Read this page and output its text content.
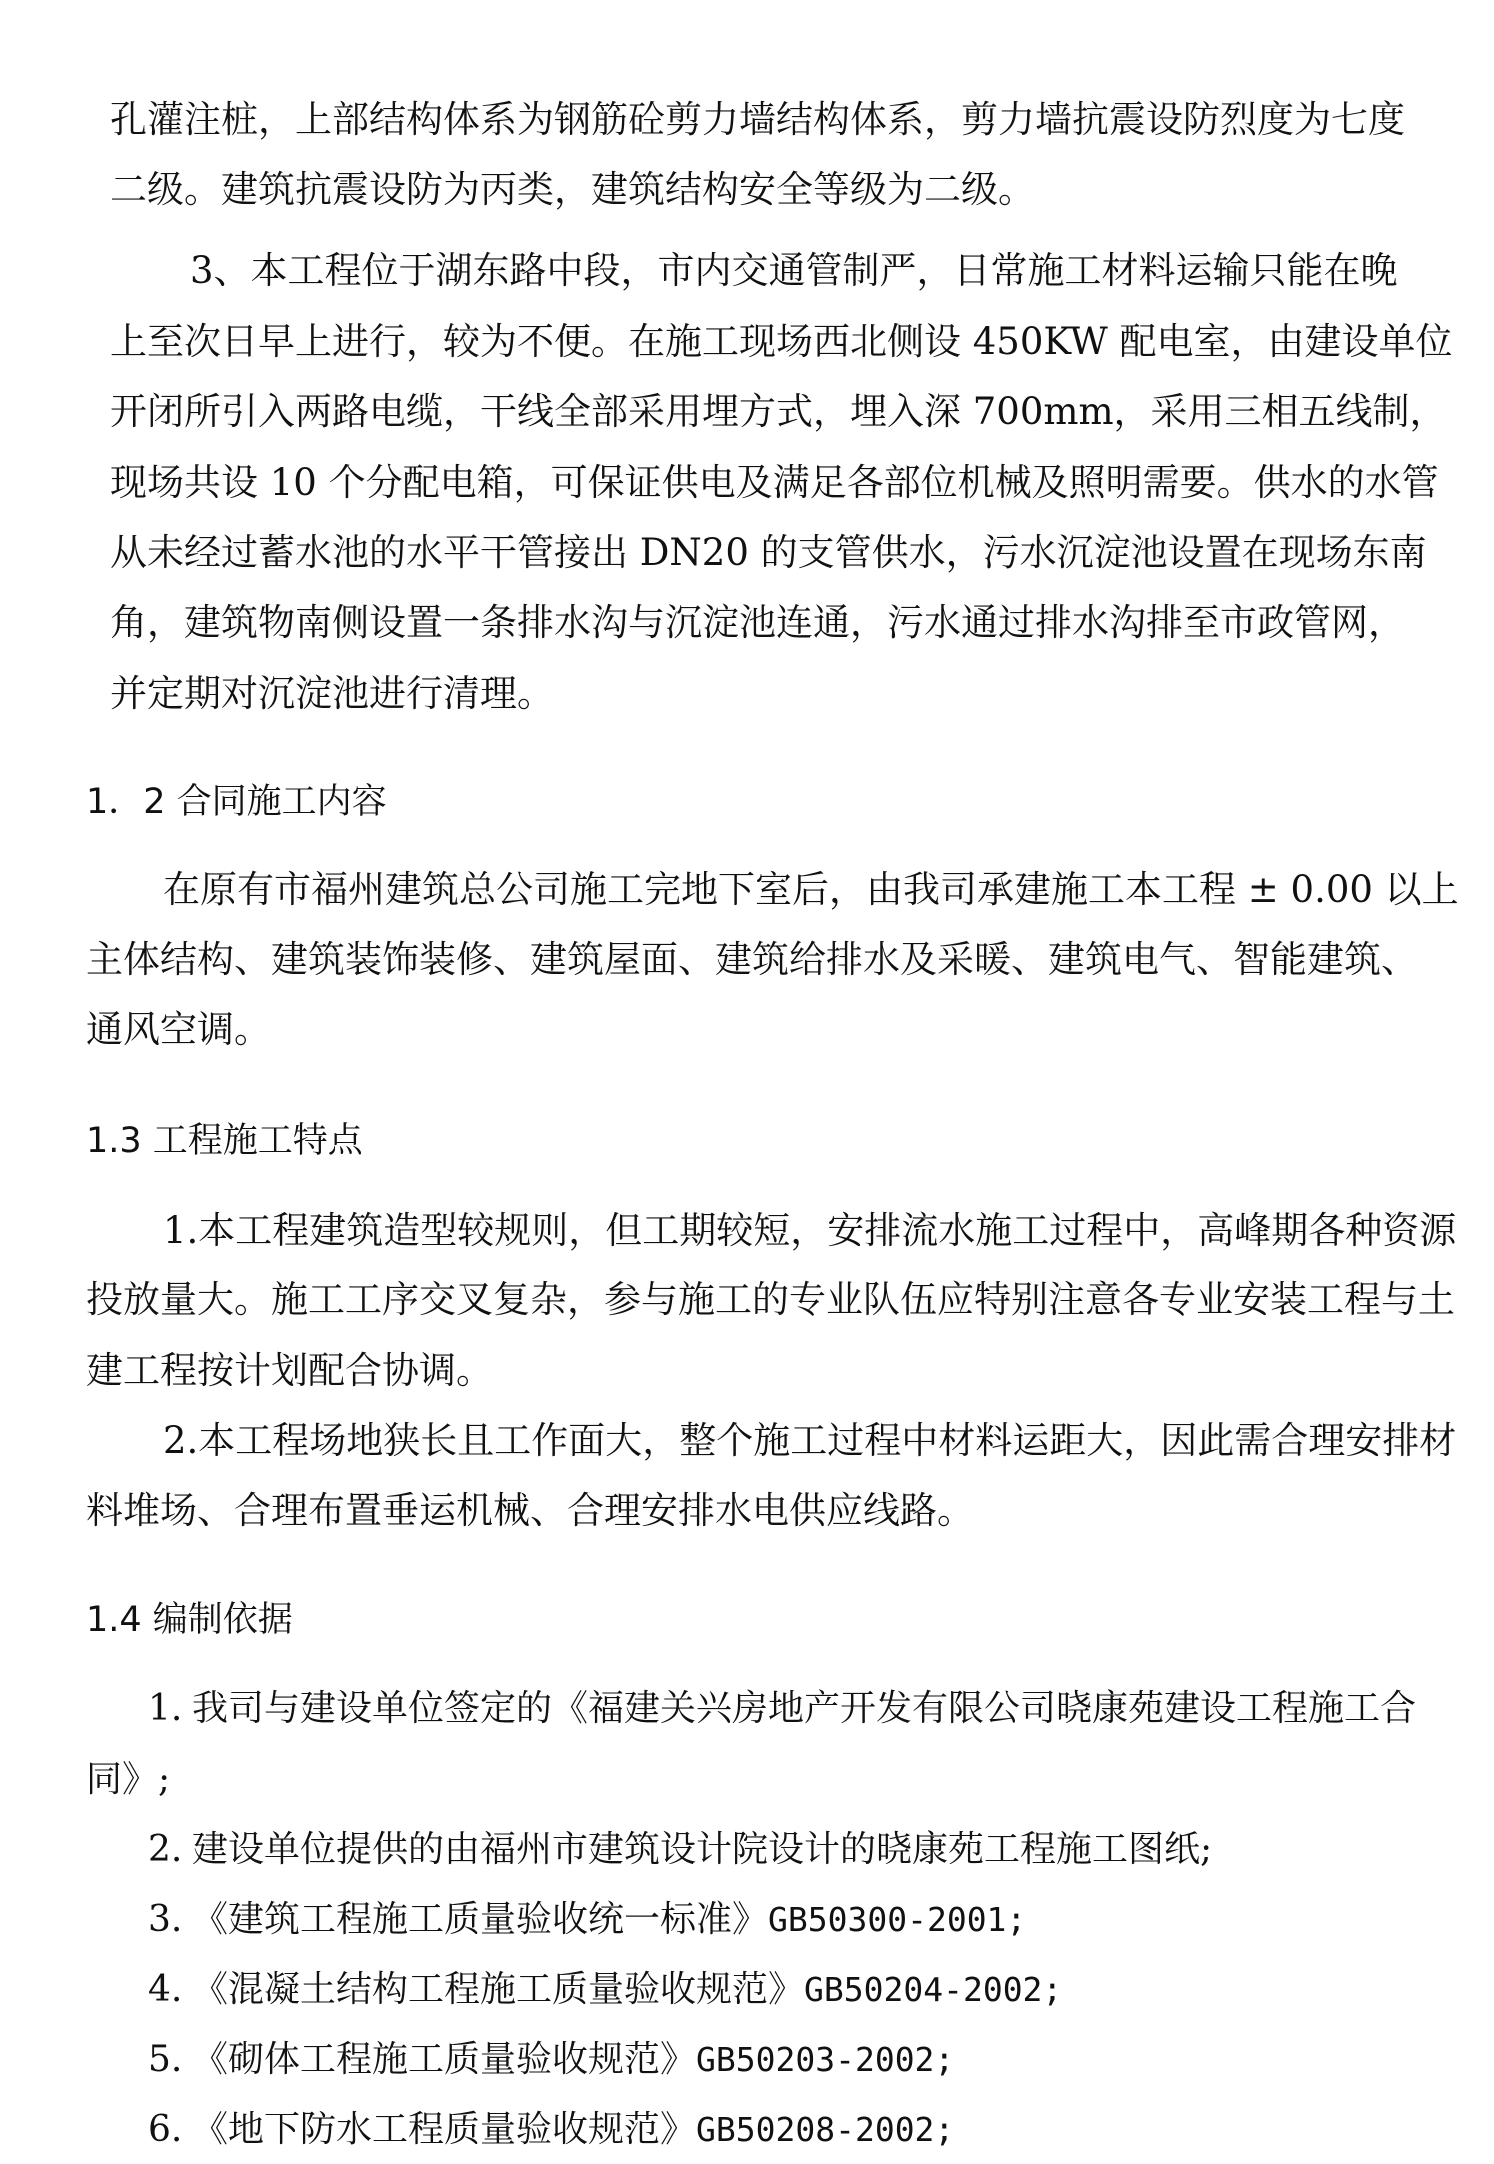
孔灌注桩，上部结构体系为钢筋砼剪力墙结构体系，剪力墙抗震设防烈度为七度
二级。建筑抗震设防为丙类，建筑结构安全等级为二级。
3、本工程位于湖东路中段，市内交通管制严，日常施工材料运输只能在晚
上至次日早上进行，较为不便。在施工现场西北侧设 450KW 配电室，由建设单位
开闭所引入两路电缆，干线全部采用埋方式，埋入深 700mm，采用三相五线制，
现场共设 10 个分配电箱，可保证供电及满足各部位机械及照明需要。供水的水管
从未经过蓄水池的水平干管接出 DN20 的支管供水，污水沉淀池设置在现场东南
角，建筑物南侧设置一条排水沟与沉淀池连通，污水通过排水沟排至市政管网，
并定期对沉淀池进行清理。
1．2 合同施工内容
在原有市福州建筑总公司施工完地下室后，由我司承建施工本工程 ± 0.00 以上
主体结构、建筑装饰装修、建筑屋面、建筑给排水及采暖、建筑电气、智能建筑、
通风空调。
1.3 工程施工特点
1.本工程建筑造型较规则，但工期较短，安排流水施工过程中，高峰期各种资源
投放量大。施工工序交叉复杂，参与施工的专业队伍应特别注意各专业安装工程与土
建工程按计划配合协调。
2.本工程场地狭长且工作面大，整个施工过程中材料运距大，因此需合理安排材
料堆场、合理布置垂运机械、合理安排水电供应线路。
1.4 编制依据
1. 我司与建设单位签定的《福建关兴房地产开发有限公司晓康苑建设工程施工合
同》;
2. 建设单位提供的由福州市建筑设计院设计的晓康苑工程施工图纸;
3. 《建筑工程施工质量验收统一标准》GB50300-2001;
4. 《混凝土结构工程施工质量验收规范》GB50204-2002;
5. 《砌体工程施工质量验收规范》GB50203-2002;
6. 《地下防水工程质量验收规范》GB50208-2002;
